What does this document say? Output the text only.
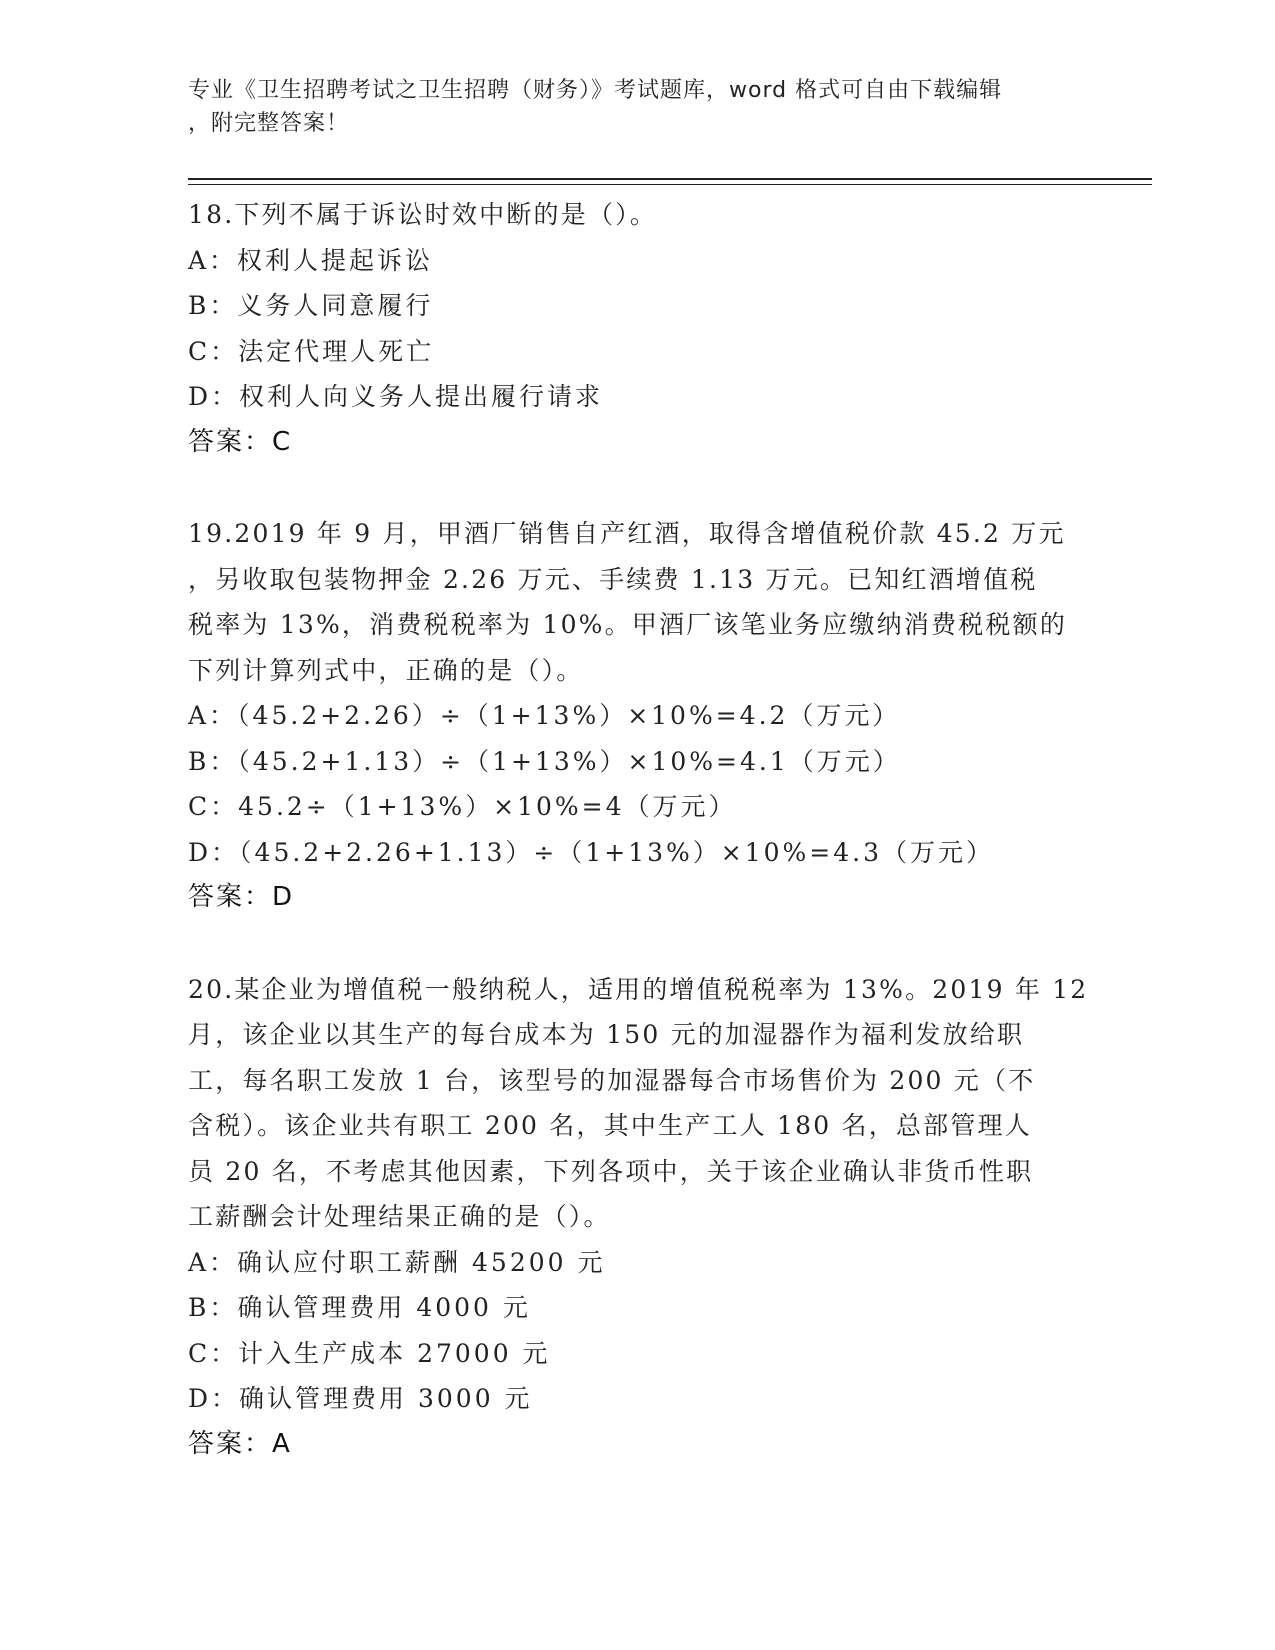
专业《卫生招聘考试之卫生招聘（财务）》考试题库，word 格式可自由下载编辑
，附完整答案！

18.下列不属于诉讼时效中断的是（）。

A：权利人提起诉讼

B：义务人同意履行

C：法定代理人死亡

D：权利人向义务人提出履行请求

答案：C

19.2019 年 9 月，甲酒厂销售自产红酒，取得含增值税价款 45.2 万元

，另收取包装物押金 2.26 万元、手续费 1.13 万元。已知红酒增值税

税率为 13%，消费税税率为 10%。甲酒厂该笔业务应缴纳消费税税额的

下列计算列式中，正确的是（）。

A：（45.2+2.26）÷（1+13%）×10%=4.2（万元）

B：（45.2+1.13）÷（1+13%）×10%=4.1（万元）

C：45.2÷（1+13%）×10%=4（万元）

D：（45.2+2.26+1.13）÷（1+13%）×10%=4.3（万元）

答案：D

20.某企业为增值税一般纳税人，适用的增值税税率为 13%。2019 年 12

月，该企业以其生产的每台成本为 150 元的加湿器作为福利发放给职

工，每名职工发放 1 台，该型号的加湿器每合市场售价为 200 元（不

含税）。该企业共有职工 200 名，其中生产工人 180 名，总部管理人

员 20 名，不考虑其他因素，下列各项中，关于该企业确认非货币性职

工薪酬会计处理结果正确的是（）。

A：确认应付职工薪酬 45200 元

B：确认管理费用 4000 元

C：计入生产成本 27000 元

D：确认管理费用 3000 元

答案：A
